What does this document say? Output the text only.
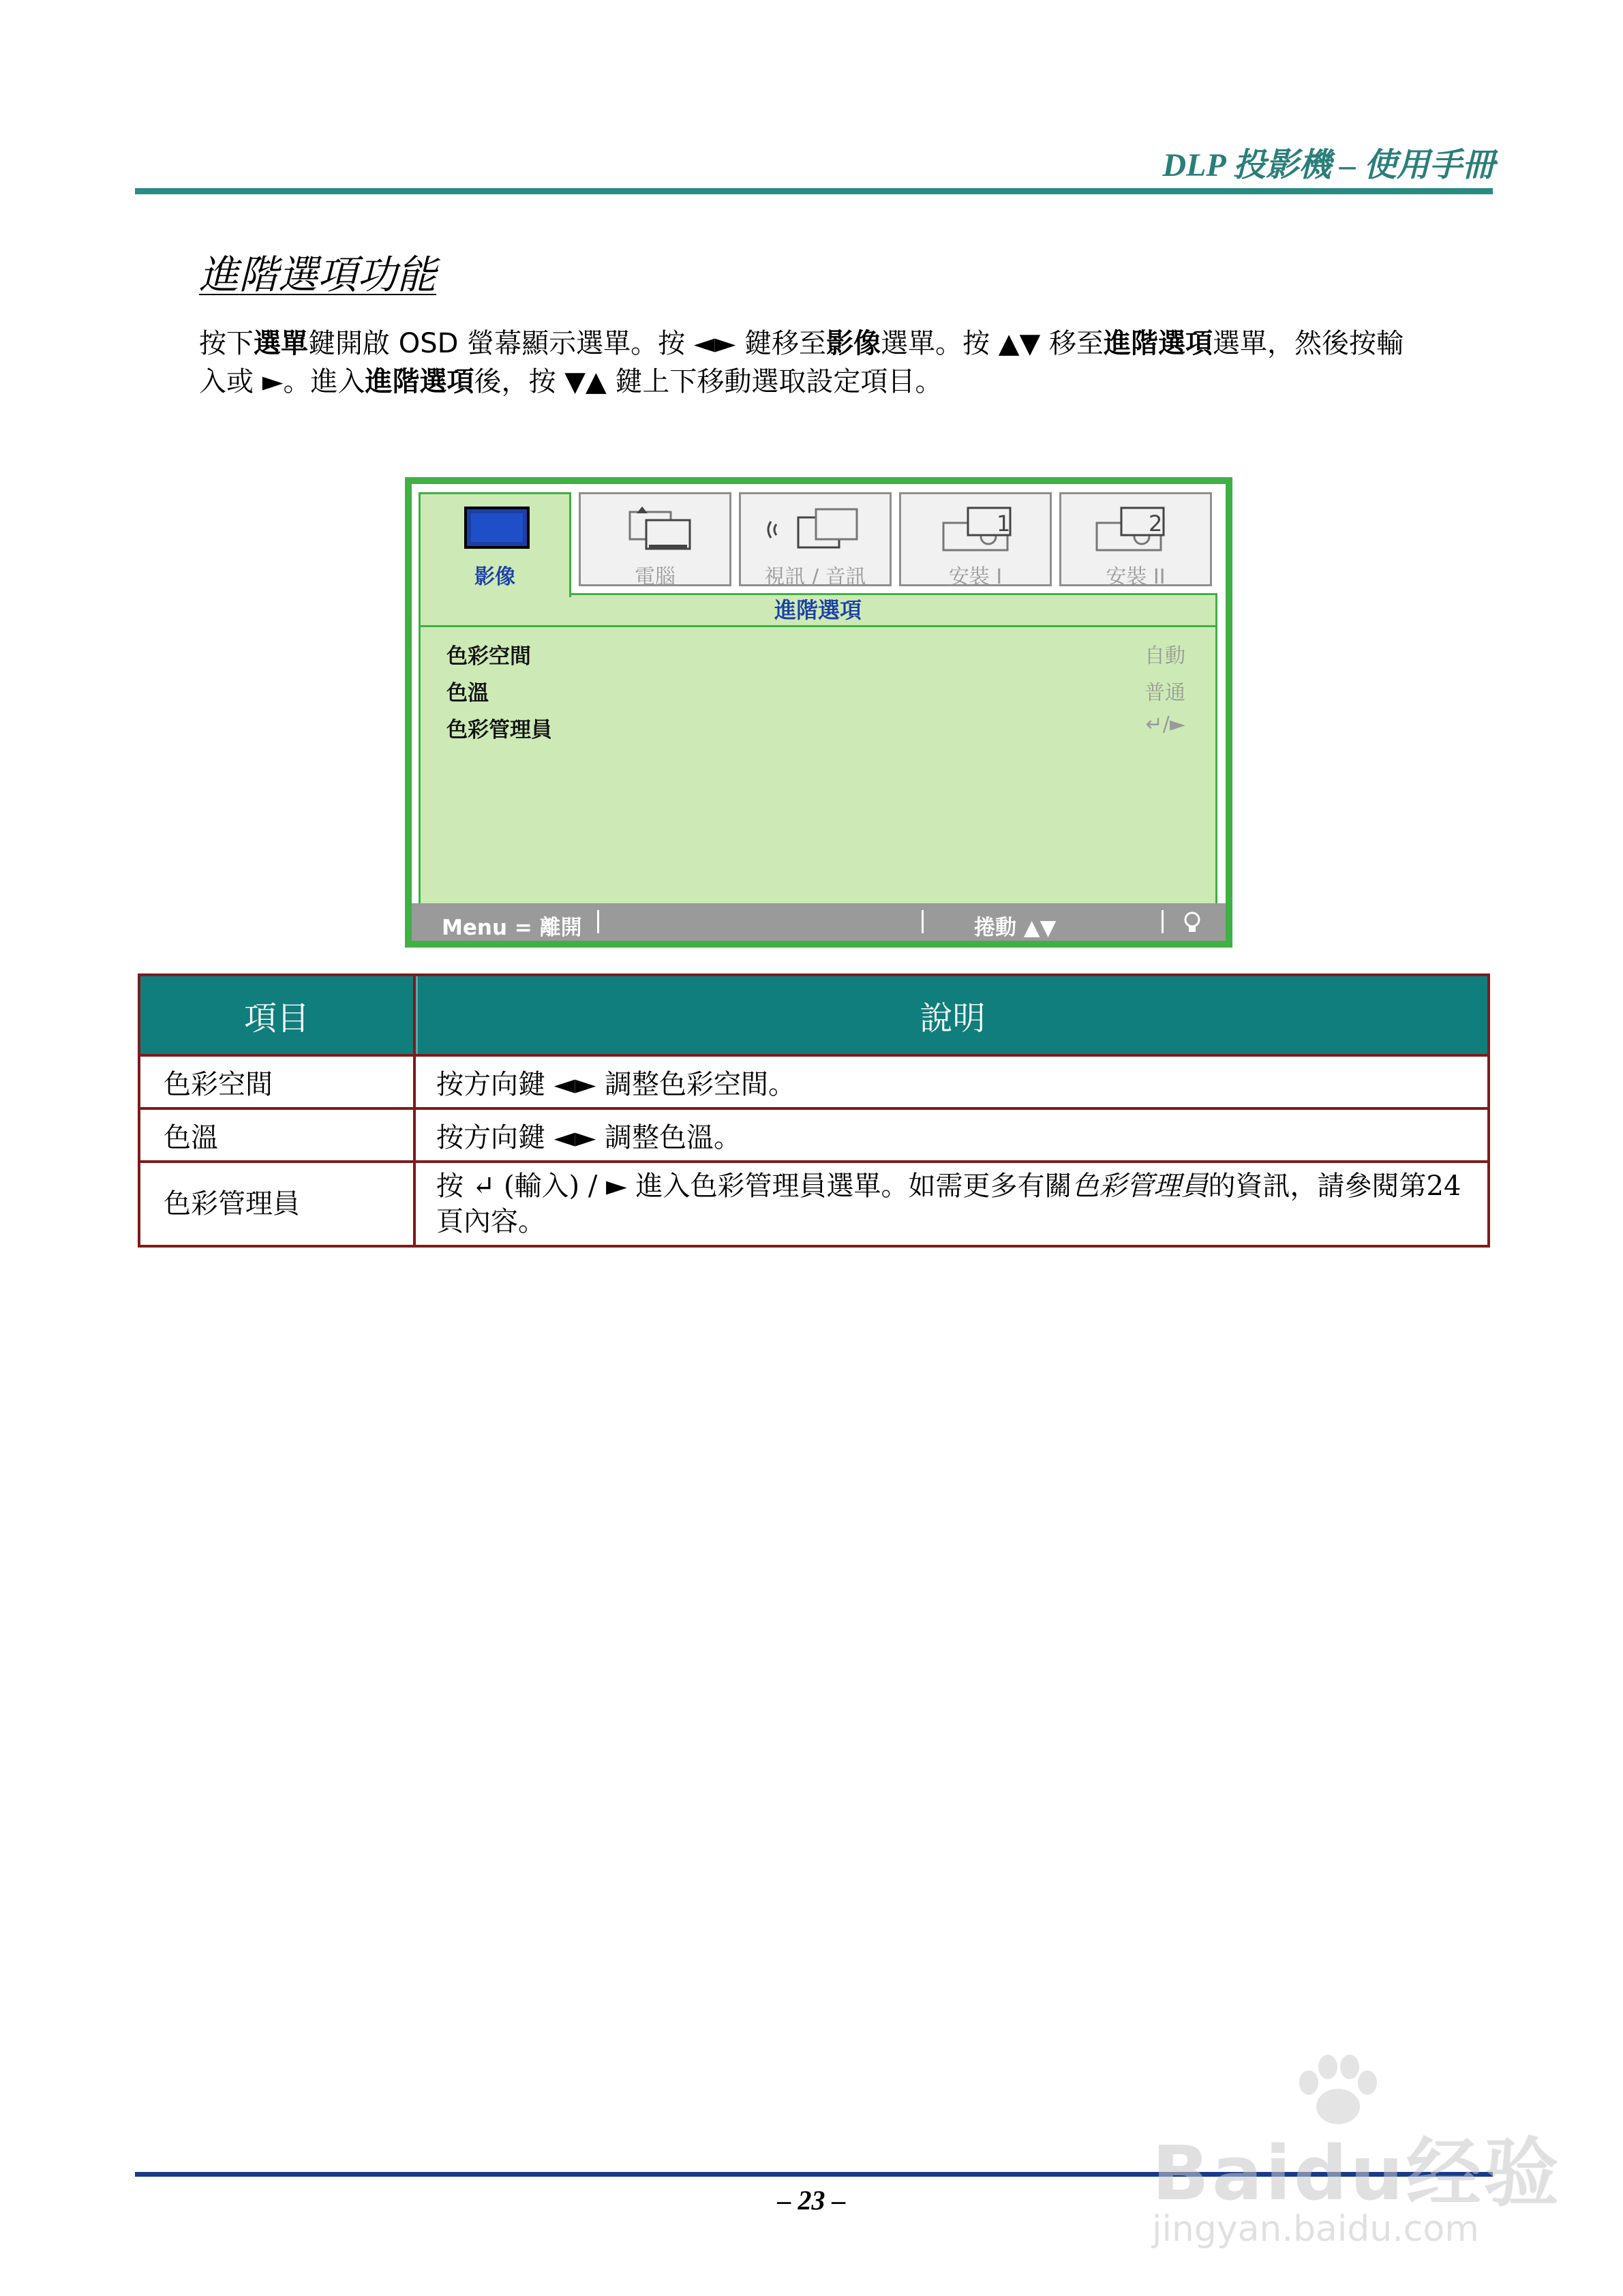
DLP 投影機 – 使用手冊
進階選項功能
按下選單鍵開啟 OSD 螢幕顯示選單。按 ◄► 鍵移至影像選單。按 ▲▼ 移至進階選項選單，然後按輸
入或 ►。進入進階選項後，按 ▼▲ 鍵上下移動選取設定項目。
影像	電腦	視訊 / 音訊
1
安裝 I
2
安裝 II
進階選項
色彩空間	自動
色溫	普通
色彩管理員	↵/►
Menu = 離開	捲動 ▲▼
項目	說明

色彩空間	按方向鍵 ◄► 調整色彩空間。
色溫	按方向鍵 ◄► 調整色溫。
色彩管理員	按 ↵ (輸入) / ► 進入色彩管理員選單。如需更多有關色彩管理員的資訊，請參閱第24
頁內容。
– 23 –	Baidu经验
jingyan.baidu.com
